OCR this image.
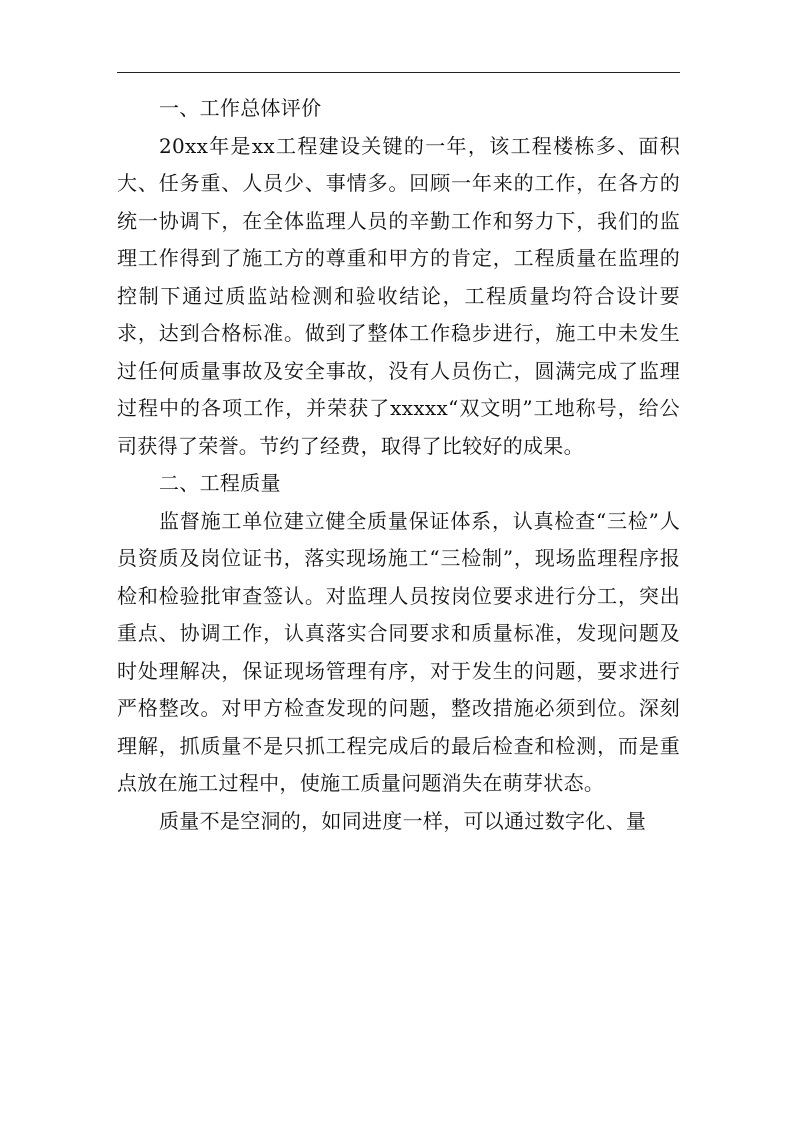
一、工作总体评价

20xx年是xx工程建设关键的一年，该工程楼栋多、面积大、任务重、人员少、事情多。回顾一年来的工作，在各方的统一协调下，在全体监理人员的辛勤工作和努力下，我们的监理工作得到了施工方的尊重和甲方的肯定，工程质量在监理的控制下通过质监站检测和验收结论，工程质量均符合设计要求，达到合格标准。做到了整体工作稳步进行，施工中未发生过任何质量事故及安全事故，没有人员伤亡，圆满完成了监理过程中的各项工作，并荣获了xxxxx“双文明”工地称号，给公司获得了荣誉。节约了经费，取得了比较好的成果。

二、工程质量

监督施工单位建立健全质量保证体系，认真检查“三检”人员资质及岗位证书，落实现场施工“三检制”，现场监理程序报检和检验批审查签认。对监理人员按岗位要求进行分工，突出重点、协调工作，认真落实合同要求和质量标准，发现问题及时处理解决，保证现场管理有序，对于发生的问题，要求进行严格整改。对甲方检查发现的问题，整改措施必须到位。深刻理解，抓质量不是只抓工程完成后的最后检查和检测，而是重点放在施工过程中，使施工质量问题消失在萌芽状态。

质量不是空洞的，如同进度一样，可以通过数字化、量
